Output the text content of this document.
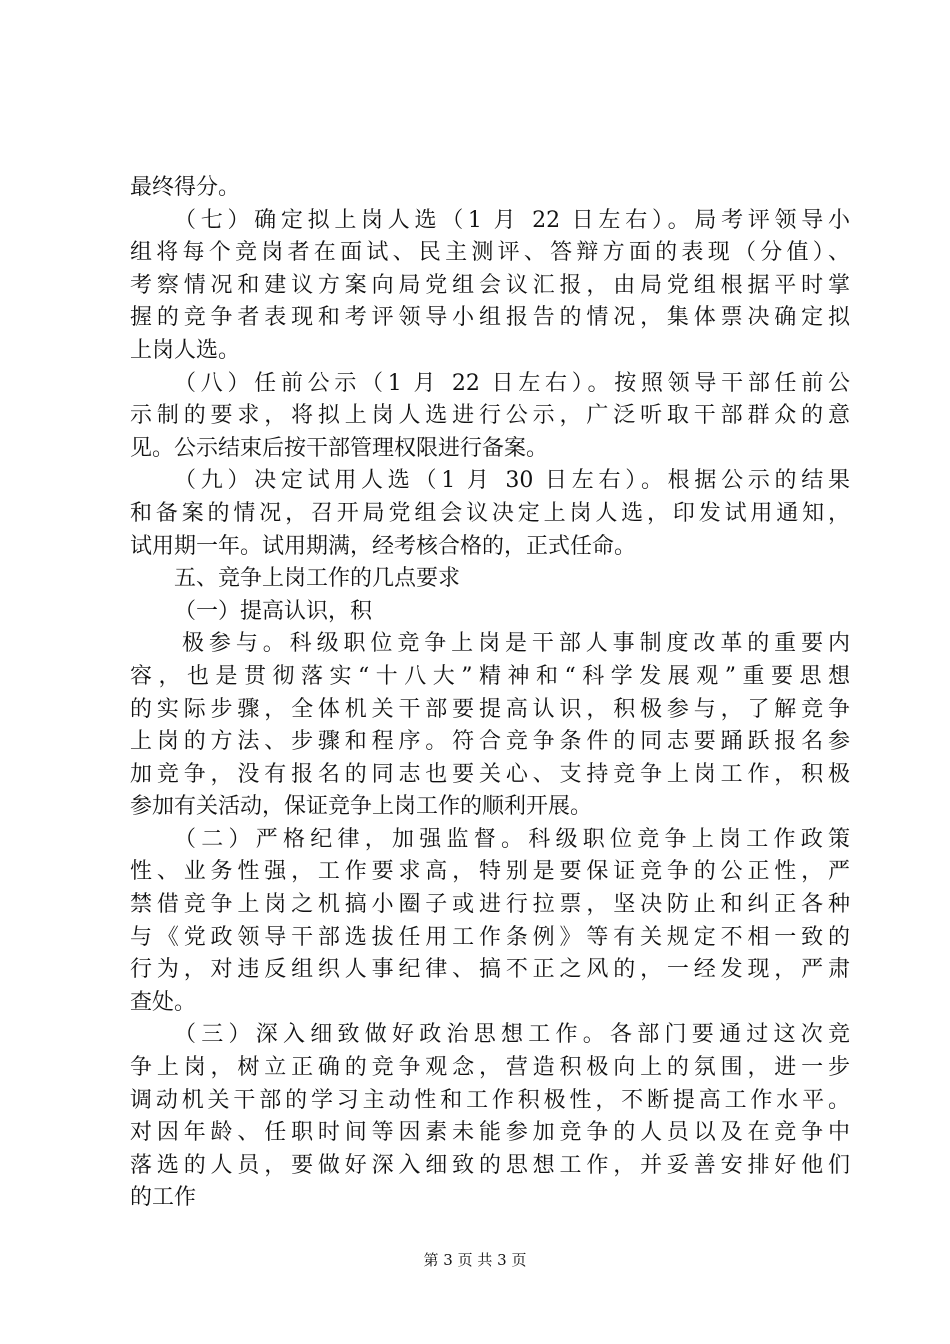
最终得分。
（七）确定拟上岗人选（1 月 22 日左右）。局考评领导小
组将每个竞岗者在面试、民主测评、答辩方面的表现（分值）、
考察情况和建议方案向局党组会议汇报，由局党组根据平时掌
握的竞争者表现和考评领导小组报告的情况，集体票决确定拟
上岗人选。
（八）任前公示（1 月 22 日左右）。按照领导干部任前公
示制的要求，将拟上岗人选进行公示，广泛听取干部群众的意
见。公示结束后按干部管理权限进行备案。
（九）决定试用人选（1 月 30 日左右）。根据公示的结果
和备案的情况，召开局党组会议决定上岗人选，印发试用通知，
试用期一年。试用期满，经考核合格的，正式任命。
五、竞争上岗工作的几点要求
（一）提高认识，积
极参与。科级职位竞争上岗是干部人事制度改革的重要内
容，也是贯彻落实“十八大”精神和“科学发展观”重要思想
的实际步骤，全体机关干部要提高认识，积极参与，了解竞争
上岗的方法、步骤和程序。符合竞争条件的同志要踊跃报名参
加竞争，没有报名的同志也要关心、支持竞争上岗工作，积极
参加有关活动，保证竞争上岗工作的顺利开展。
（二）严格纪律，加强监督。科级职位竞争上岗工作政策
性、业务性强，工作要求高，特别是要保证竞争的公正性，严
禁借竞争上岗之机搞小圈子或进行拉票，坚决防止和纠正各种
与《党政领导干部选拔任用工作条例》等有关规定不相一致的
行为，对违反组织人事纪律、搞不正之风的，一经发现，严肃
查处。
（三）深入细致做好政治思想工作。各部门要通过这次竞
争上岗，树立正确的竞争观念，营造积极向上的氛围，进一步
调动机关干部的学习主动性和工作积极性，不断提高工作水平。
对因年龄、任职时间等因素未能参加竞争的人员以及在竞争中
落选的人员，要做好深入细致的思想工作，并妥善安排好他们
的工作
第 3 页 共 3 页
